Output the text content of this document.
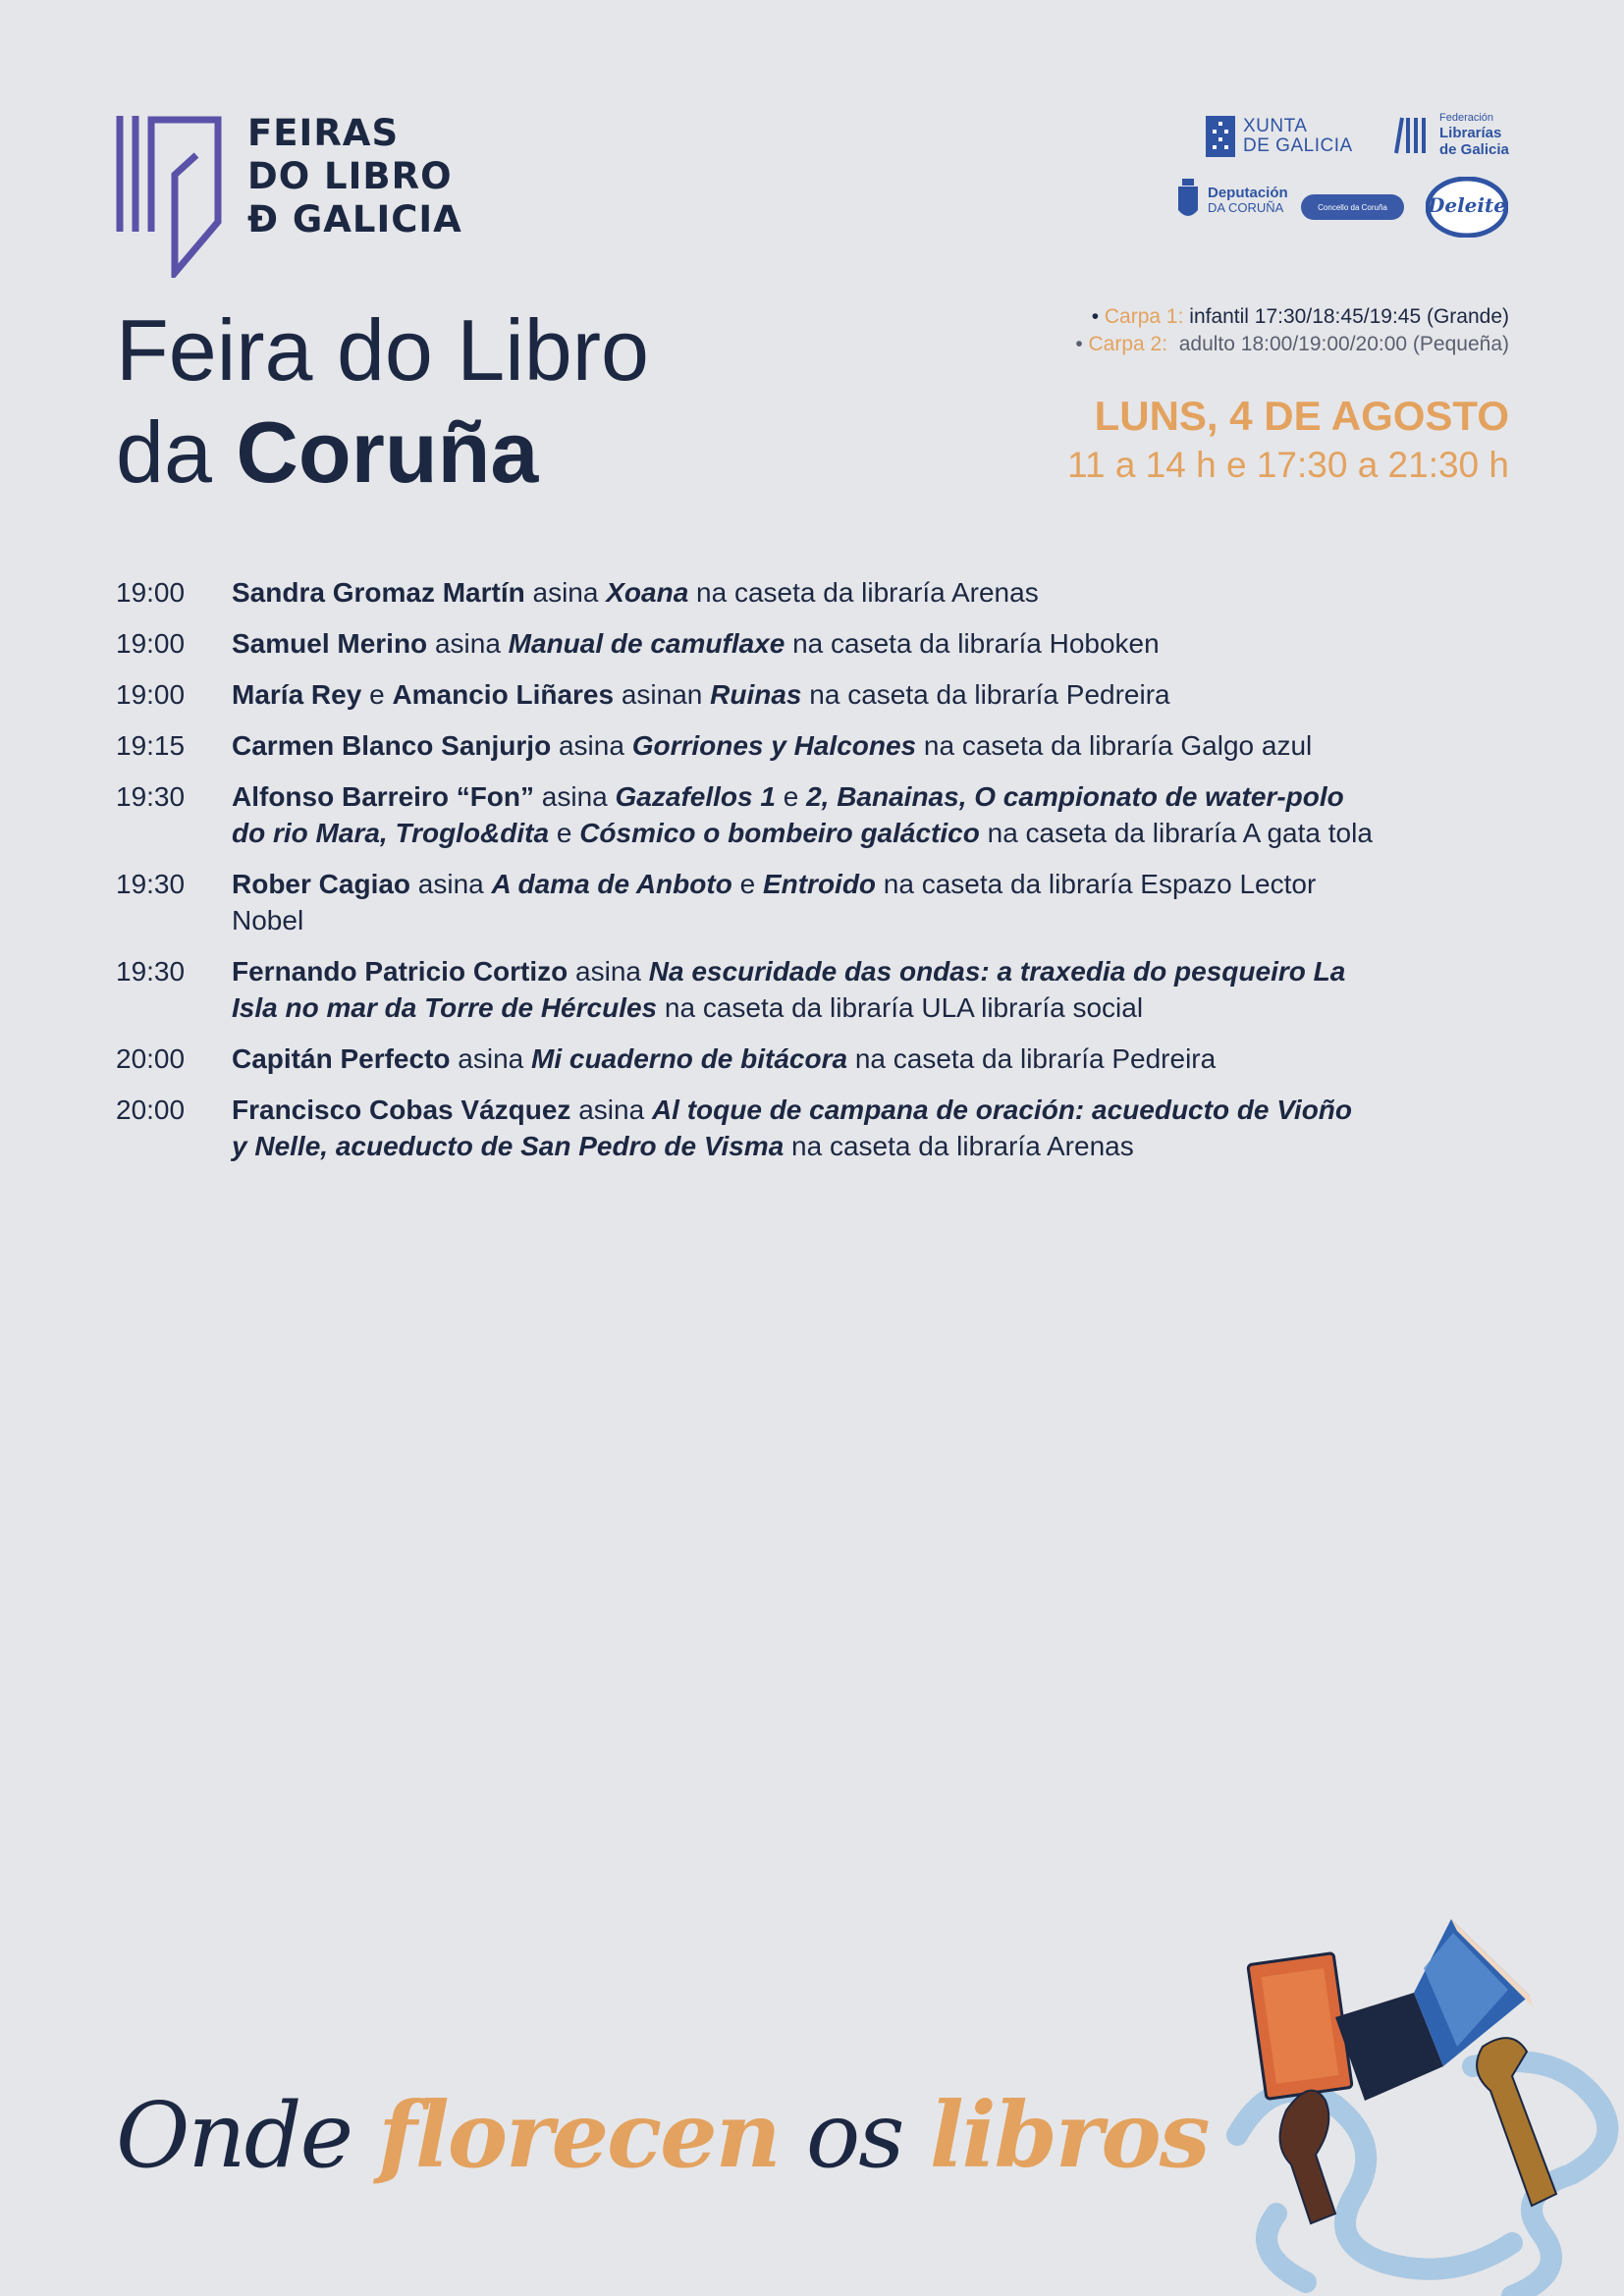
FEIRAS
DO LIBRO
Ð GALICIA
XUNTA
DE GALICIA
Federación
Librarías
de Galicia
Deputación
DA CORUÑA	Concello da Coruña Deleite
Feira do Libro
da Coruña
• Carpa 1: infantil 17:30/18:45/19:45 (Grande)
• Carpa 2:  adulto 18:00/19:00/20:00 (Pequeña)
LUNS, 4 DE AGOSTO
11 a 14 h e 17:30 a 21:30 h
19:00	Sandra Gromaz Martín asina Xoana na caseta da libraría Arenas
19:00	Samuel Merino asina Manual de camuflaxe na caseta da libraría Hoboken
19:00	María Rey e Amancio Liñares asinan Ruinas na caseta da libraría Pedreira
19:15	Carmen Blanco Sanjurjo asina Gorriones y Halcones na caseta da libraría Galgo azul
19:30	Alfonso Barreiro “Fon” asina Gazafellos 1 e 2, Banainas, O campionato de water-polo do rio Mara, Troglo&dita e Cósmico o bombeiro galáctico na caseta da libraría A gata tola
19:30	Rober Cagiao asina A dama de Anboto e Entroido na caseta da libraría Espazo Lector Nobel
19:30	Fernando Patricio Cortizo asina Na escuridade das ondas: a traxedia do pesqueiro La Isla no mar da Torre de Hércules na caseta da libraría ULA libraría social
20:00	Capitán Perfecto asina Mi cuaderno de bitácora na caseta da libraría Pedreira
20:00	Francisco Cobas Vázquez asina Al toque de campana de oración: acueducto de Vioño y Nelle, acueducto de San Pedro de Visma na caseta da libraría Arenas
Onde florecen os libros
